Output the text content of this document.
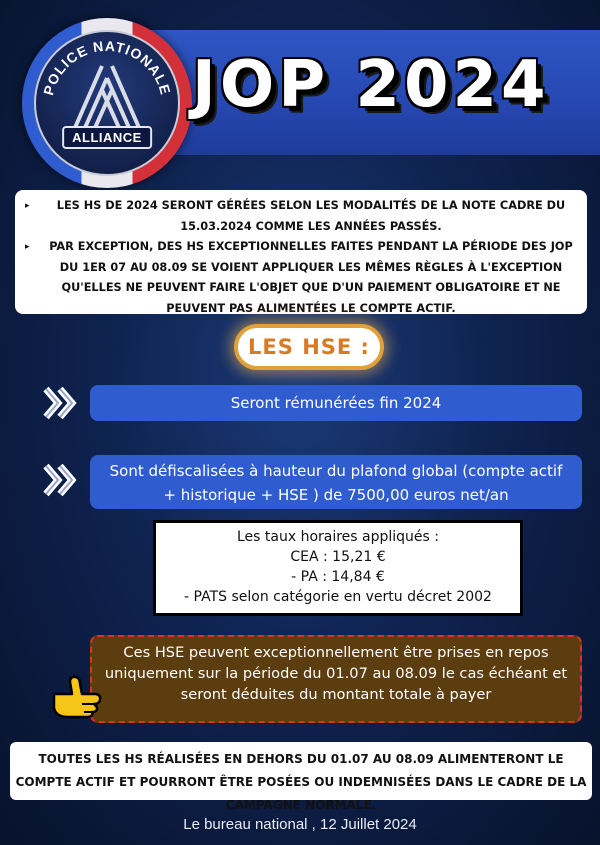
POLICE NATIONALE
ALLIANCE
JOP 2024
▸ LES HS DE 2024 SERONT GÉRÉES SELON LES MODALITÉS DE LA NOTE CADRE DU 15.03.2024 COMME LES ANNÉES PASSÉS.
▸ PAR EXCEPTION, DES HS EXCEPTIONNELLES FAITES PENDANT LA PÉRIODE DES JOP DU 1ER 07 AU 08.09 SE VOIENT APPLIQUER LES MÊMES RÈGLES À L'EXCEPTION QU'ELLES NE PEUVENT FAIRE L'OBJET QUE D'UN PAIEMENT OBLIGATOIRE ET NE PEUVENT PAS ALIMENTÉES LE COMPTE ACTIF.
LES HSE :
Seront rémunérées fin 2024
Sont défiscalisées à hauteur du plafond global (compte actif + historique + HSE ) de 7500,00 euros net/an
Les taux horaires appliqués :
CEA : 15,21 €
- PA : 14,84 €
- PATS selon catégorie en vertu décret 2002
Ces HSE peuvent exceptionnellement être prises en repos uniquement sur la période du 01.07 au 08.09 le cas échéant et seront déduites du montant totale à payer
TOUTES LES HS RÉALISÉES EN DEHORS DU 01.07 AU 08.09 ALIMENTERONT LE COMPTE ACTIF ET POURRONT ÊTRE POSÉES OU INDEMNISÉES DANS LE CADRE DE LA CAMPAGNE NORMALE.
Le bureau national , 12 Juillet 2024
